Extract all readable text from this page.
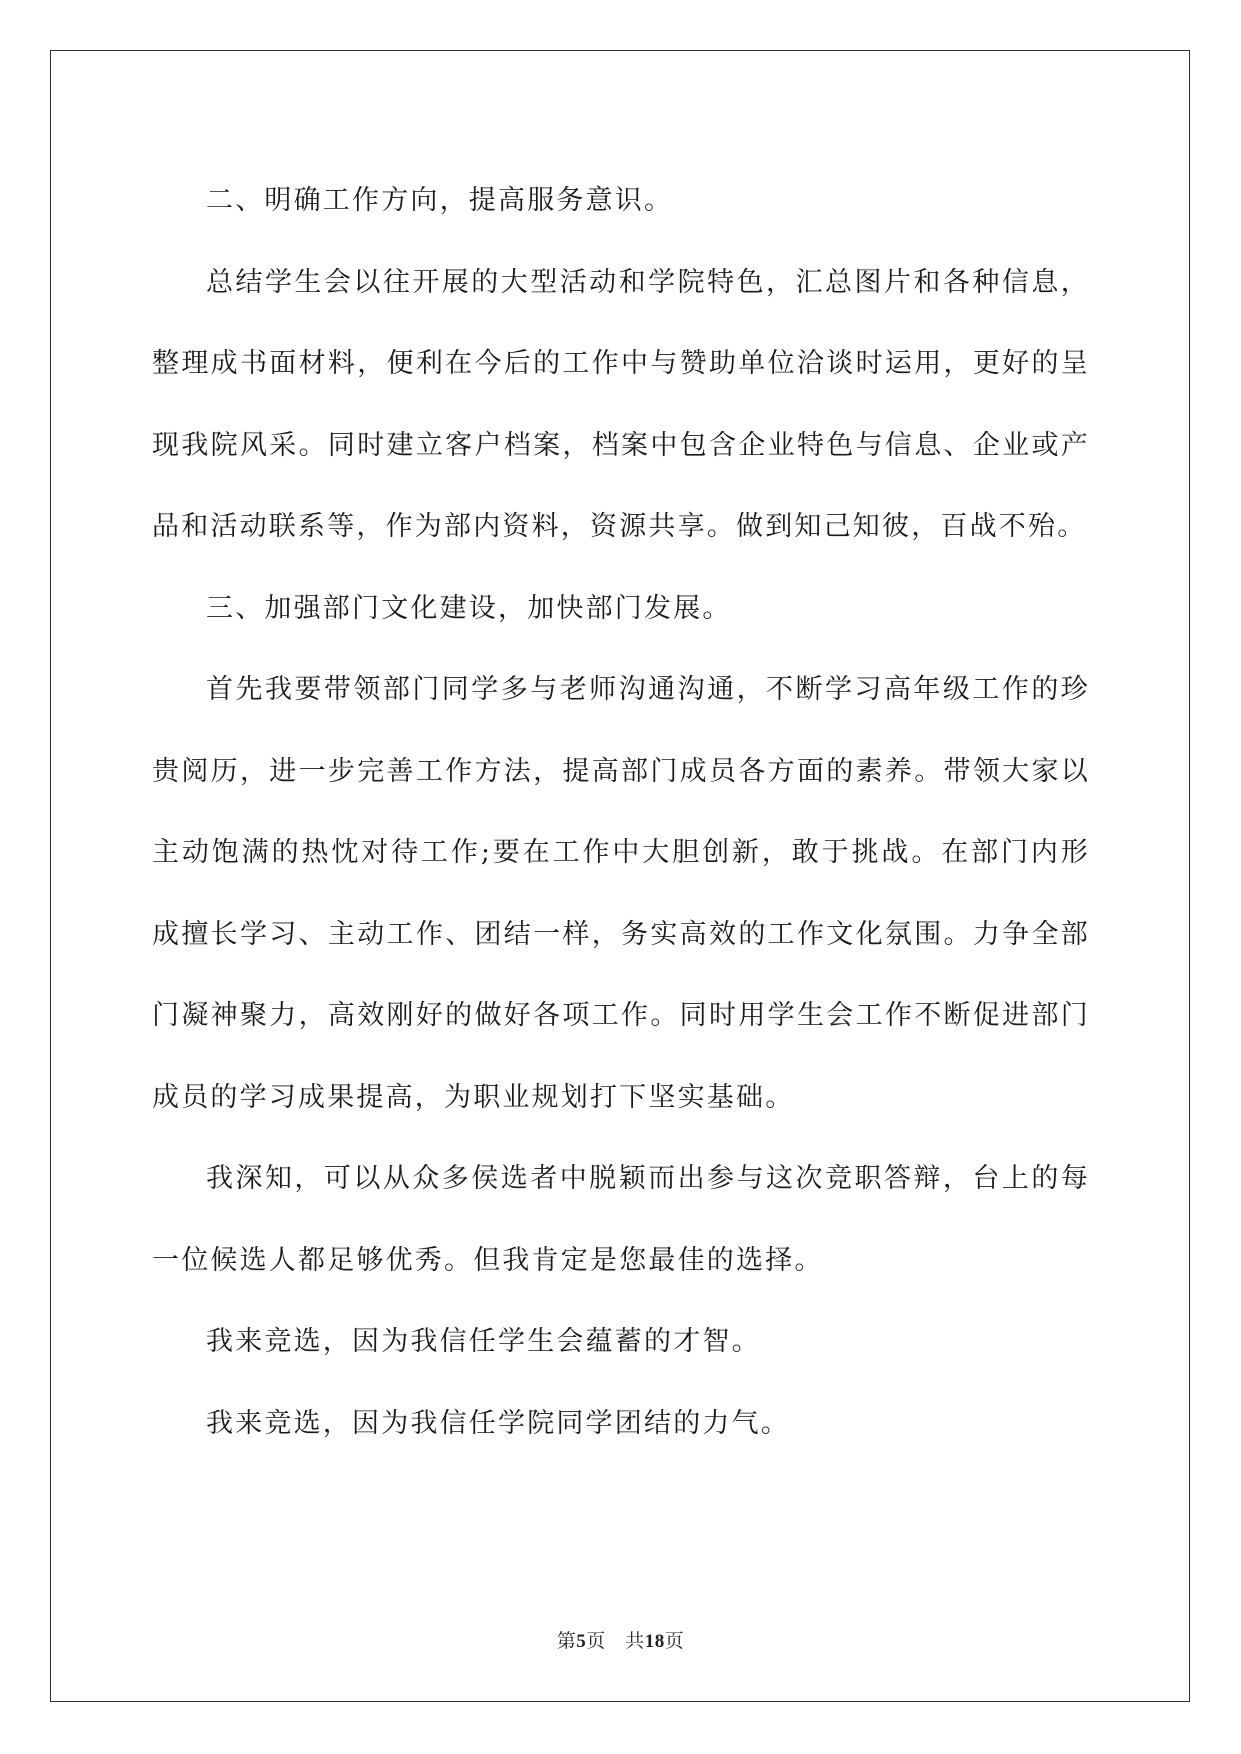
二、明确工作方向，提高服务意识。

总结学生会以往开展的大型活动和学院特色，汇总图片和各种信息，整理成书面材料，便利在今后的工作中与赞助单位洽谈时运用，更好的呈现我院风采。同时建立客户档案，档案中包含企业特色与信息、企业或产品和活动联系等，作为部内资料，资源共享。做到知己知彼，百战不殆。

三、加强部门文化建设，加快部门发展。

首先我要带领部门同学多与老师沟通沟通，不断学习高年级工作的珍贵阅历，进一步完善工作方法，提高部门成员各方面的素养。带领大家以主动饱满的热忱对待工作;要在工作中大胆创新，敢于挑战。在部门内形成擅长学习、主动工作、团结一样，务实高效的工作文化氛围。力争全部门凝神聚力，高效刚好的做好各项工作。同时用学生会工作不断促进部门成员的学习成果提高，为职业规划打下坚实基础。

我深知，可以从众多侯选者中脱颖而出参与这次竞职答辩，台上的每一位候选人都足够优秀。但我肯定是您最佳的选择。

我来竞选，因为我信任学生会蕴蓄的才智。

我来竞选，因为我信任学院同学团结的力气。

第5页　共18页
